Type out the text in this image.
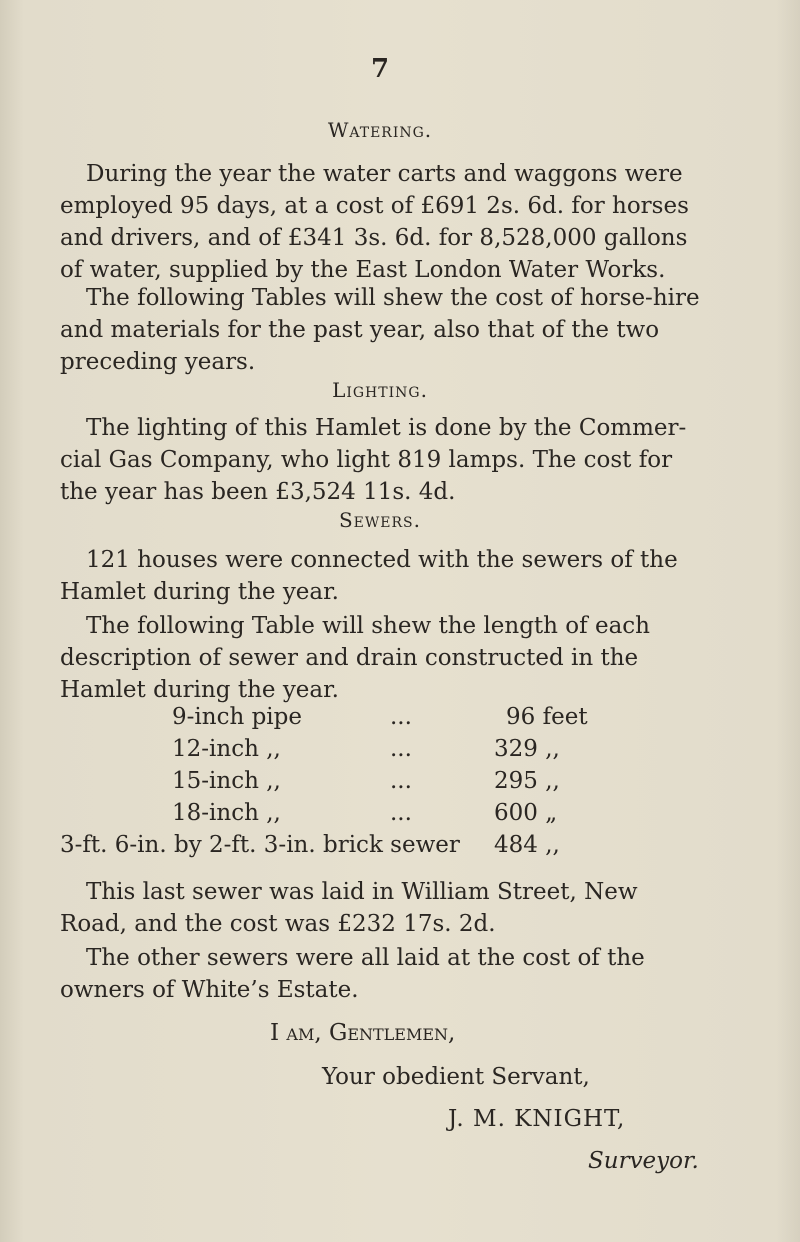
7
Watering.
During the year the water carts and waggons were
employed 95 days, at a cost of £691 2s. 6d. for horses
and drivers, and of £341 3s. 6d. for 8,528,000 gallons
of water, supplied by the East London Water Works.
The following Tables will shew the cost of horse-hire
and materials for the past year, also that of the two
preceding years.
Lighting.
The lighting of this Hamlet is done by the Commer-
cial Gas Company, who light 819 lamps. The cost for
the year has been £3,524 11s. 4d.
Sewers.
121 houses were connected with the sewers of the
Hamlet during the year.
The following Table will shew the length of each
description of sewer and drain constructed in the
Hamlet during the year.
9-inch pipe	...	96 feet
12-inch ,,	...	329 ,,
15-inch ,,	...	295 ,,
18-inch ,,	...	600 „
3-ft. 6-in. by 2-ft. 3-in. brick sewer 484 ,,
This last sewer was laid in William Street, New
Road, and the cost was £232 17s. 2d.
The other sewers were all laid at the cost of the
owners of White’s Estate.
I am, Gentlemen,
Your obedient Servant,
J. M. KNIGHT,
Surveyor.
